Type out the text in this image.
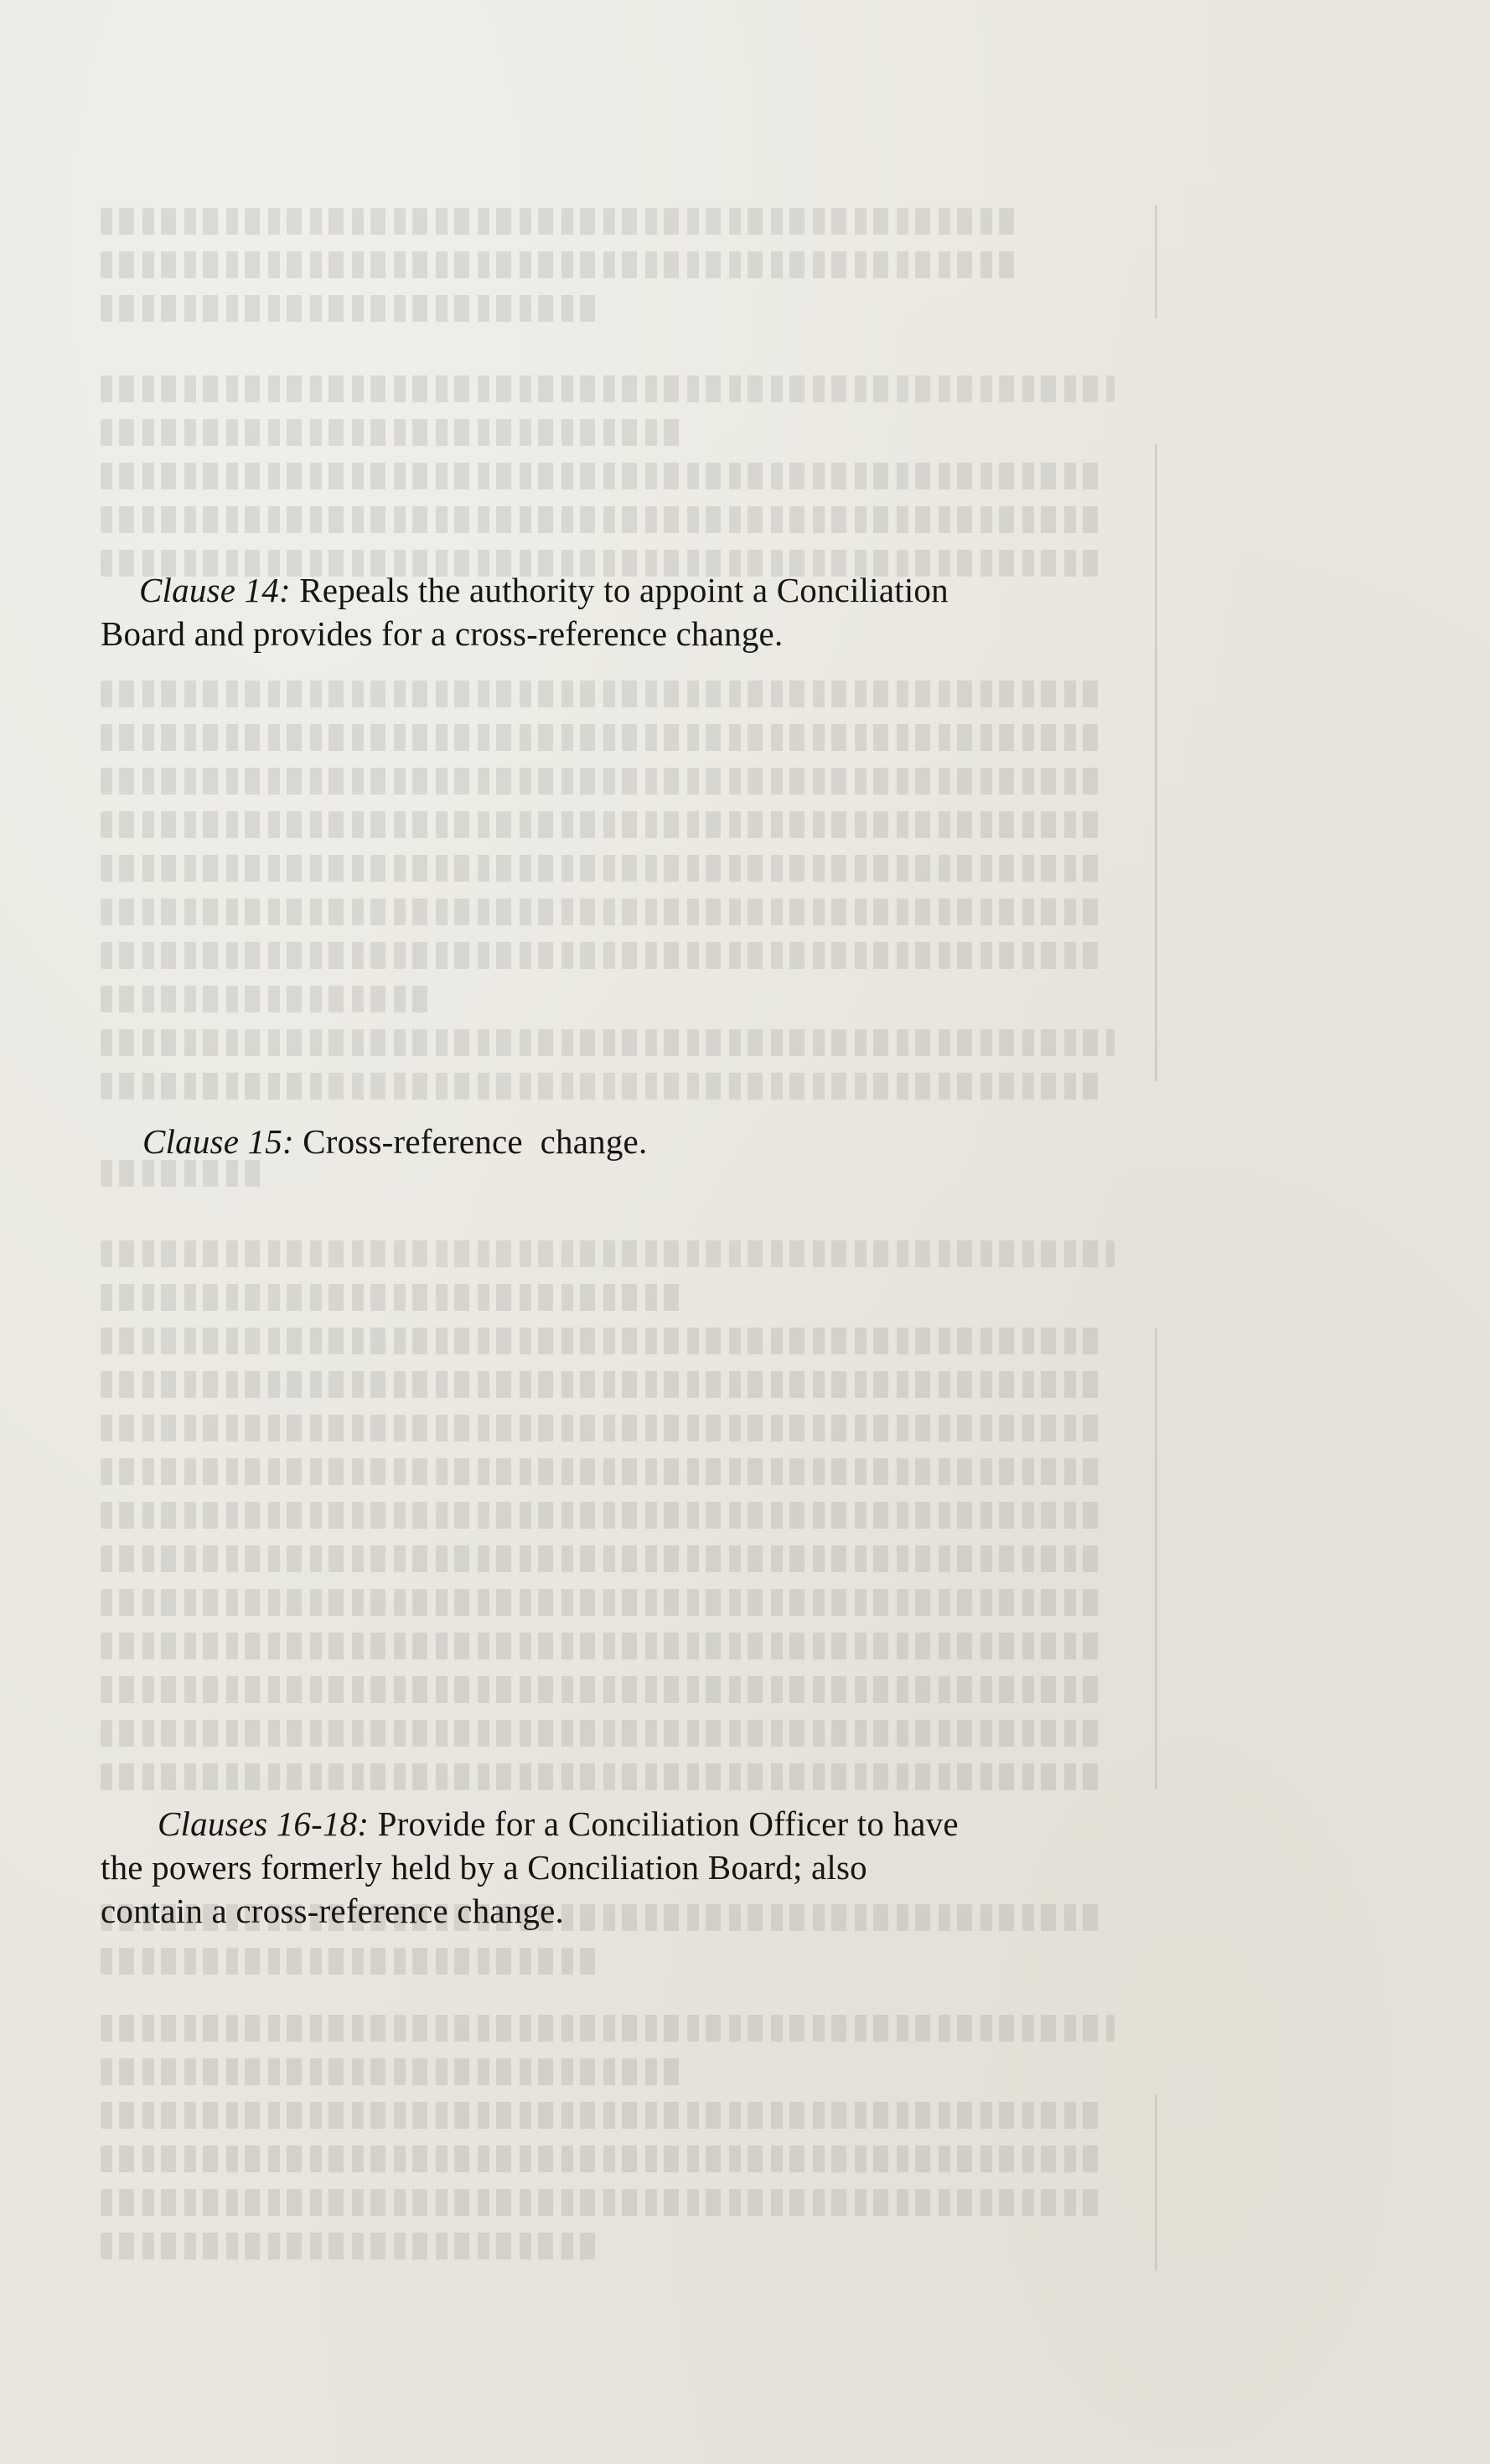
Clause 14: Repeals the authority to appoint a Conciliation
Board and provides for a cross-reference change.
Clause 15: Cross-reference  change.
Clauses 16-18: Provide for a Conciliation Officer to have
the powers formerly held by a Conciliation Board; also
contain a cross-reference change.
